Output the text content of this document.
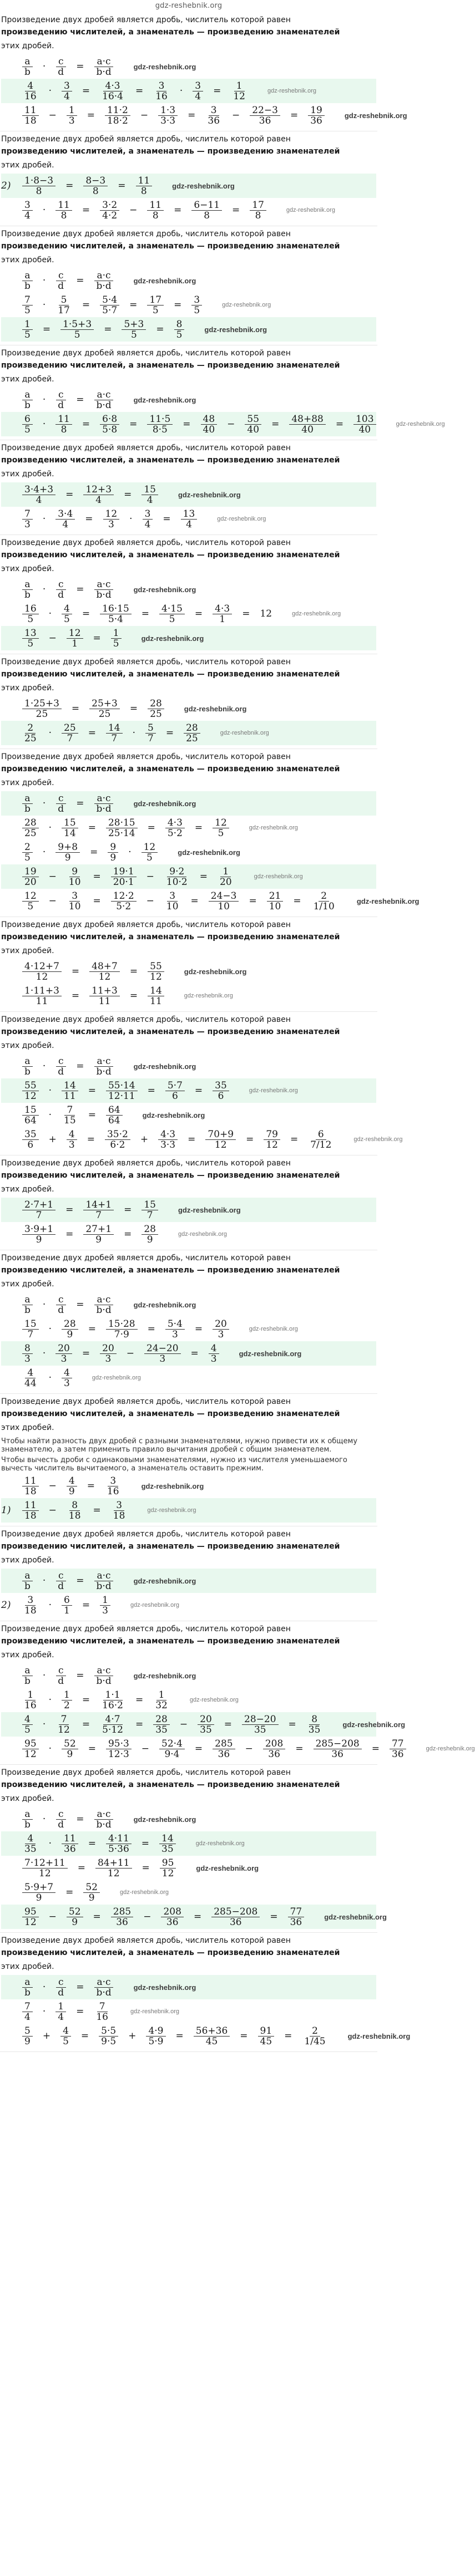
gdz-reshebnik.org
Произведение двух дробей является дробь, числитель которой равен
произведению числителей, а знаменатель — произведению знаменателей
этих дробей.
$\frac{a}{b} \cdot \frac{c}{d} = \frac{a\cdot c}{b\cdot d}$	gdz-reshebnik.org
$\frac{4}{16} \cdot \frac{3}{4} = \frac{4\cdot 3}{16\cdot 4} = \frac{3}{16} \cdot \frac{3}{4} = \frac{1}{12}$	gdz-reshebnik.org
$\frac{11}{18} - \frac{1}{3} = \frac{11\cdot 2}{18\cdot 2} - \frac{1\cdot 3}{3\cdot 3} = \frac{3}{36} - \frac{22-3}{36} = \frac{19}{36}$	gdz-reshebnik.org
Произведение двух дробей является дробь, числитель которой равен
произведению числителей, а знаменатель — произведению знаменателей
этих дробей.
$2) \frac{1\cdot 8-3}{8} = \frac{8-3}{8} = \frac{11}{8}$	gdz-reshebnik.org
$\frac{3}{4} \cdot \frac{11}{8} = \frac{3\cdot 2}{4\cdot 2} - \frac{11}{8} = \frac{6-11}{8} = \frac{17}{8}$	gdz-reshebnik.org
Произведение двух дробей является дробь, числитель которой равен
произведению числителей, а знаменатель — произведению знаменателей
этих дробей.
$\frac{a}{b} \cdot \frac{c}{d} = \frac{a\cdot c}{b\cdot d}$	gdz-reshebnik.org
$\frac{7}{5} \cdot \frac{5}{17} = \frac{5\cdot 4}{5\cdot 7} = \frac{17}{5} = \frac{3}{5}$	gdz-reshebnik.org
$\frac{1}{5} = \frac{1\cdot 5+3}{5} = \frac{5+3}{5} = \frac{8}{5}$	gdz-reshebnik.org
Произведение двух дробей является дробь, числитель которой равен
произведению числителей, а знаменатель — произведению знаменателей
этих дробей.
$\frac{a}{b} \cdot \frac{c}{d} = \frac{a\cdot c}{b\cdot d}$	gdz-reshebnik.org
$\frac{6}{5} \cdot \frac{11}{8} = \frac{6\cdot 8}{5\cdot 8} = \frac{11\cdot 5}{8\cdot 5} = \frac{48}{40} - \frac{55}{40} = \frac{48+88}{40} = \frac{103}{40}$	gdz-reshebnik.org
Произведение двух дробей является дробь, числитель которой равен
произведению числителей, а знаменатель — произведению знаменателей
этих дробей.
$\frac{3\cdot 4+3}{4} = \frac{12+3}{4} = \frac{15}{4}$	gdz-reshebnik.org
$\frac{7}{3} \cdot \frac{3\cdot 4}{4} = \frac{12}{3} \cdot \frac{3}{4} = \frac{13}{4}$	gdz-reshebnik.org
Произведение двух дробей является дробь, числитель которой равен
произведению числителей, а знаменатель — произведению знаменателей
этих дробей.
$\frac{a}{b} \cdot \frac{c}{d} = \frac{a\cdot c}{b\cdot d}$	gdz-reshebnik.org
$\frac{16}{5} \cdot \frac{4}{5} = \frac{16\cdot 15}{5\cdot 4} = \frac{4\cdot 15}{5} = \frac{4\cdot 3}{1} = 12$	gdz-reshebnik.org
$\frac{13}{5} - \frac{12}{1} = \frac{1}{5}$	gdz-reshebnik.org
Произведение двух дробей является дробь, числитель которой равен
произведению числителей, а знаменатель — произведению знаменателей
этих дробей.
$\frac{1\cdot 25+3}{25} = \frac{25+3}{25} = \frac{28}{25}$	gdz-reshebnik.org
$\frac{2}{25} \cdot \frac{25}{7} = \frac{14}{7} \cdot \frac{5}{7} = \frac{28}{25}$	gdz-reshebnik.org
Произведение двух дробей является дробь, числитель которой равен
произведению числителей, а знаменатель — произведению знаменателей
этих дробей.
$\frac{a}{b} \cdot \frac{c}{d} = \frac{a\cdot c}{b\cdot d}$	gdz-reshebnik.org
$\frac{28}{25} \cdot \frac{15}{14} = \frac{28\cdot 15}{25\cdot 14} = \frac{4\cdot 3}{5\cdot 2} = \frac{12}{5}$	gdz-reshebnik.org
$\frac{2}{5} \cdot \frac{9+8}{9} = \frac{9}{9} \cdot \frac{12}{5}$	gdz-reshebnik.org
$\frac{19}{20} - \frac{9}{10} = \frac{19\cdot 1}{20\cdot 1} - \frac{9\cdot 2}{10\cdot 2} = \frac{1}{20}$	gdz-reshebnik.org
$\frac{12}{5} - \frac{3}{10} = \frac{12\cdot 2}{5\cdot 2} - \frac{3}{10} = \frac{24-3}{10} = \frac{21}{10} = \frac{2}{1/10}$	gdz-reshebnik.org
Произведение двух дробей является дробь, числитель которой равен
произведению числителей, а знаменатель — произведению знаменателей
этих дробей.
$\frac{4\cdot 12+7}{12} = \frac{48+7}{12} = \frac{55}{12}$	gdz-reshebnik.org
$\frac{1\cdot 11+3}{11} = \frac{11+3}{11} = \frac{14}{11}$	gdz-reshebnik.org
Произведение двух дробей является дробь, числитель которой равен
произведению числителей, а знаменатель — произведению знаменателей
этих дробей.
$\frac{a}{b} \cdot \frac{c}{d} = \frac{a\cdot c}{b\cdot d}$	gdz-reshebnik.org
$\frac{55}{12} \cdot \frac{14}{11} = \frac{55\cdot 14}{12\cdot 11} = \frac{5\cdot 7}{6} = \frac{35}{6}$	gdz-reshebnik.org
$\frac{15}{64} \cdot \frac{7}{15} = \frac{64}{64}$	gdz-reshebnik.org
$\frac{35}{6} + \frac{4}{3} = \frac{35\cdot 2}{6\cdot 2} + \frac{4\cdot 3}{3\cdot 3} = \frac{70+9}{12} = \frac{79}{12} = \frac{6}{7/12}$	gdz-reshebnik.org
Произведение двух дробей является дробь, числитель которой равен
произведению числителей, а знаменатель — произведению знаменателей
этих дробей.
$\frac{2\cdot 7+1}{7} = \frac{14+1}{7} = \frac{15}{7}$	gdz-reshebnik.org
$\frac{3\cdot 9+1}{9} = \frac{27+1}{9} = \frac{28}{9}$	gdz-reshebnik.org
Произведение двух дробей является дробь, числитель которой равен
произведению числителей, а знаменатель — произведению знаменателей
этих дробей.
$\frac{a}{b} \cdot \frac{c}{d} = \frac{a\cdot c}{b\cdot d}$	gdz-reshebnik.org
$\frac{15}{7} \cdot \frac{28}{9} = \frac{15\cdot 28}{7\cdot 9} = \frac{5\cdot 4}{3} = \frac{20}{3}$	gdz-reshebnik.org
$\frac{8}{3} \cdot \frac{20}{3} = \frac{20}{3} - \frac{24-20}{3} = \frac{4}{3}$	gdz-reshebnik.org
$\frac{4}{44} \cdot \frac{4}{3}$	gdz-reshebnik.org
Произведение двух дробей является дробь, числитель которой равен
произведению числителей, а знаменатель — произведению знаменателей
этих дробей.
Чтобы найти разность двух дробей с разными знаменателями, нужно привести их к общему знаменателю, а затем применить правило вычитания дробей с общим знаменателем.
Чтобы вычесть дроби с одинаковыми знаменателями, нужно из числителя уменьшаемого вычесть числитель вычитаемого, а знаменатель оставить прежним.
$\frac{11}{18} - \frac{4}{9} = \frac{3}{16}$	gdz-reshebnik.org
$1) \frac{11}{18} - \frac{8}{18} = \frac{3}{18}$	gdz-reshebnik.org
Произведение двух дробей является дробь, числитель которой равен
произведению числителей, а знаменатель — произведению знаменателей
этих дробей.
$\frac{a}{b} \cdot \frac{c}{d} = \frac{a\cdot c}{b\cdot d}$	gdz-reshebnik.org
$2) \frac{3}{18} \cdot \frac{6}{1} = \frac{1}{3}$	gdz-reshebnik.org
Произведение двух дробей является дробь, числитель которой равен
произведению числителей, а знаменатель — произведению знаменателей
этих дробей.
$\frac{a}{b} \cdot \frac{c}{d} = \frac{a\cdot c}{b\cdot d}$	gdz-reshebnik.org
$\frac{1}{16} \cdot \frac{1}{2} = \frac{1\cdot 1}{16\cdot 2} = \frac{1}{32}$	gdz-reshebnik.org
$\frac{4}{5} \cdot \frac{7}{12} = \frac{4\cdot 7}{5\cdot 12} = \frac{28}{35} - \frac{20}{35} = \frac{28-20}{35} = \frac{8}{35}$	gdz-reshebnik.org
$\frac{95}{12} \cdot \frac{52}{9} = \frac{95\cdot 3}{12\cdot 3} - \frac{52\cdot 4}{9\cdot 4} = \frac{285}{36} - \frac{208}{36} = \frac{285-208}{36} = \frac{77}{36}$	gdz-reshebnik.org
Произведение двух дробей является дробь, числитель которой равен
произведению числителей, а знаменатель — произведению знаменателей
этих дробей.
$\frac{a}{b} \cdot \frac{c}{d} = \frac{a\cdot c}{b\cdot d}$	gdz-reshebnik.org
$\frac{4}{35} \cdot \frac{11}{36} = \frac{4\cdot 11}{5\cdot 36} = \frac{14}{35}$	gdz-reshebnik.org
$\frac{7\cdot 12+11}{12} = \frac{84+11}{12} = \frac{95}{12}$	gdz-reshebnik.org
$\frac{5\cdot 9+7}{9} = \frac{52}{9}$	gdz-reshebnik.org
$\frac{95}{12} - \frac{52}{9} = \frac{285}{36} - \frac{208}{36} = \frac{285-208}{36} = \frac{77}{36}$	gdz-reshebnik.org
Произведение двух дробей является дробь, числитель которой равен
произведению числителей, а знаменатель — произведению знаменателей
этих дробей.
$\frac{a}{b} \cdot \frac{c}{d} = \frac{a\cdot c}{b\cdot d}$	gdz-reshebnik.org
$\frac{7}{4} \cdot \frac{1}{4} = \frac{7}{16}$	gdz-reshebnik.org
$\frac{5}{9} + \frac{4}{5} = \frac{5\cdot 5}{9\cdot 5} + \frac{4\cdot 9}{5\cdot 9} = \frac{56+36}{45} = \frac{91}{45} = \frac{2}{1/45}$	gdz-reshebnik.org
